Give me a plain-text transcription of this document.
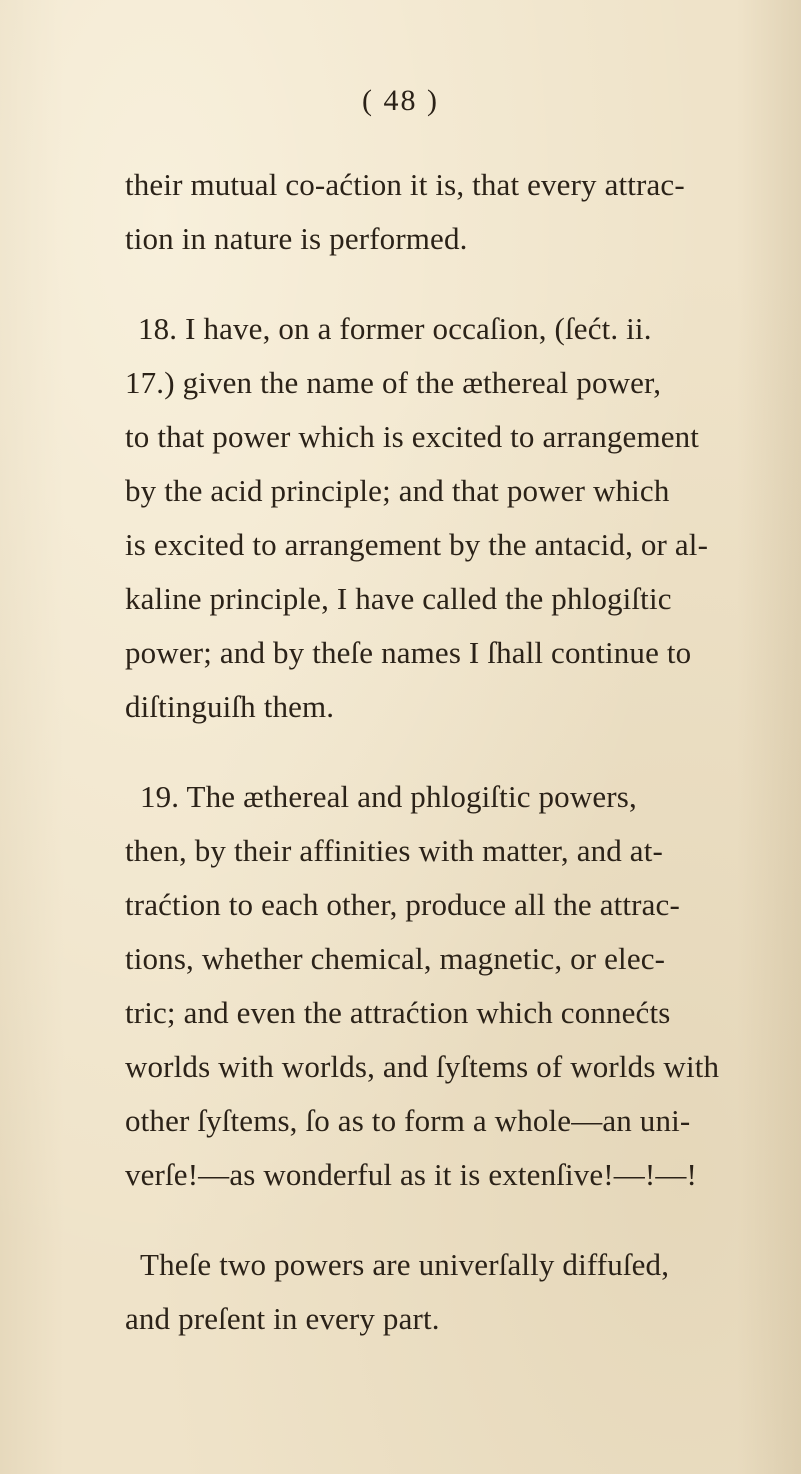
( 48 )
their mutual co-aćtion it is, that every attrac-
tion in nature is performed.
18. I have, on a former occaſion, (ſećt. ii.
17.) given the name of the æthereal power,
to that power which is excited to arrangement
by the acid principle; and that power which
is excited to arrangement by the antacid, or al-
kaline principle, I have called the phlogiſtic
power; and by theſe names I ſhall continue to
diſtinguiſh them.
19. The æthereal and phlogiſtic powers,
then, by their affinities with matter, and at-
traćtion to each other, produce all the attrac-
tions, whether chemical, magnetic, or elec-
tric; and even the attraćtion which connećts
worlds with worlds, and ſyſtems of worlds with
other ſyſtems, ſo as to form a whole—an uni-
verſe!—as wonderful as it is extenſive!—!—!
Theſe two powers are univerſally diffuſed,
and preſent in every part.
